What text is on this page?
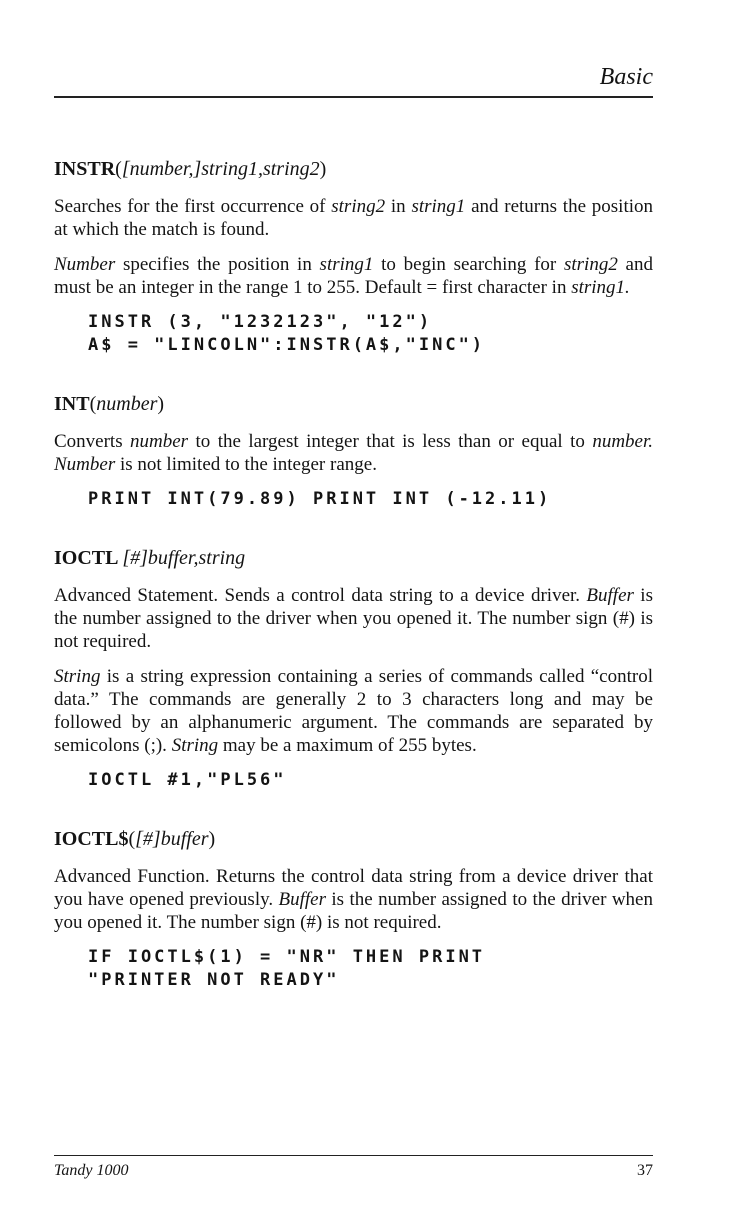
Basic
INSTR([number,]string1,string2)

Searches for the first occurrence of string2 in string1 and returns the position at which the match is found.

Number specifies the position in string1 to begin searching for string2 and must be an integer in the range 1 to 255. Default = first character in string1.

INSTR (3, "1232123", "12")
A$ = "LINCOLN":INSTR(A$,"INC")
INT(number)

Converts number to the largest integer that is less than or equal to number. Number is not limited to the integer range.

PRINT INT(79.89) PRINT INT (-12.11)
IOCTL [#]buffer,string

Advanced Statement. Sends a control data string to a device driver. Buffer is the number assigned to the driver when you opened it. The number sign (#) is not required.

String is a string expression containing a series of commands called “control data.” The commands are generally 2 to 3 characters long and may be followed by an alphanumeric argument. The commands are separated by semicolons (;). String may be a maximum of 255 bytes.

IOCTL #1,"PL56"
IOCTL$([#]buffer)

Advanced Function. Returns the control data string from a device driver that you have opened previously. Buffer is the number assigned to the driver when you opened it. The number sign (#) is not required.

IF IOCTL$(1) = "NR" THEN PRINT
"PRINTER NOT READY"
Tandy 1000	37
